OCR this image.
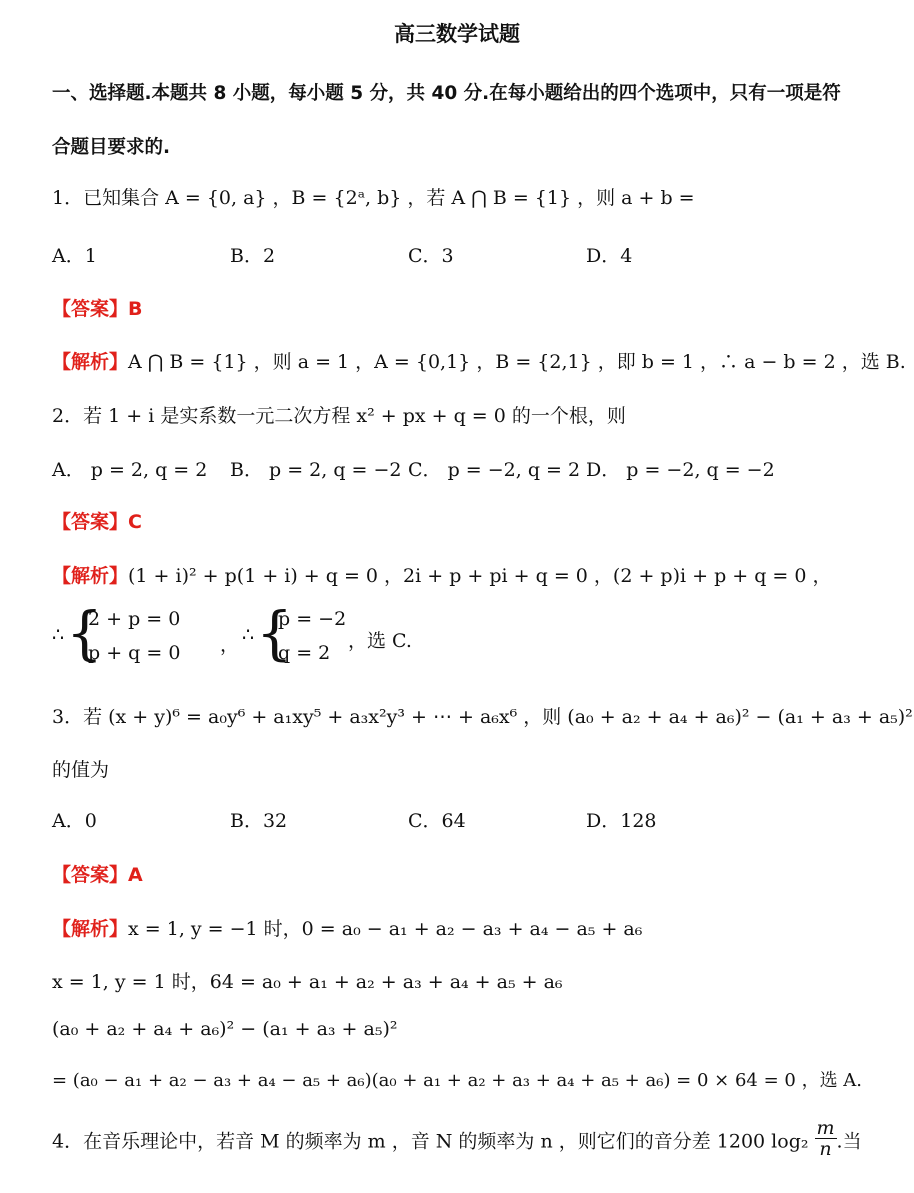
高三数学试题
一、选择题.本题共 8 小题，每小题 5 分，共 40 分.在每小题给出的四个选项中，只有一项是符
合题目要求的.
1．已知集合 A = {0, a} ，B = {2ᵃ, b} ，若 A ⋂ B = {1} ，则 a + b =
A．1	B．2	C．3	D．4
【答案】B
【解析】A ⋂ B = {1} ，则 a = 1 ，A = {0,1} ，B = {2,1} ，即 b = 1 ，∴ a − b = 2 ，选 B.
2．若 1 + i 是实系数一元二次方程 x² + px + q = 0 的一个根，则
A． p = 2, q = 2 B． p = 2, q = −2 C． p = −2, q = 2 D． p = −2, q = −2
【答案】C
【解析】(1 + i)² + p(1 + i) + q = 0 ，2i + p + pi + q = 0 ，(2 + p)i + p + q = 0 ，
∴ {
2 + p = 0
p + q = 0 ， ∴ {
p = −2
q = 2
，选 C.
3．若 (x + y)⁶ = a₀y⁶ + a₁xy⁵ + a₃x²y³ + ⋯ + a₆x⁶ ，则 (a₀ + a₂ + a₄ + a₆)² − (a₁ + a₃ + a₅)²
的值为
A．0	B．32	C．64	D．128
【答案】A
【解析】x = 1, y = −1 时，0 = a₀ − a₁ + a₂ − a₃ + a₄ − a₅ + a₆
x = 1, y = 1 时，64 = a₀ + a₁ + a₂ + a₃ + a₄ + a₅ + a₆
(a₀ + a₂ + a₄ + a₆)² − (a₁ + a₃ + a₅)²
= (a₀ − a₁ + a₂ − a₃ + a₄ − a₅ + a₆)(a₀ + a₁ + a₂ + a₃ + a₄ + a₅ + a₆) = 0 × 64 = 0 ，选 A.
4．在音乐理论中，若音 M 的频率为 m ，音 N 的频率为 n ，则它们的音分差 1200 $\log_2 \frac{m}{n}$ .当
